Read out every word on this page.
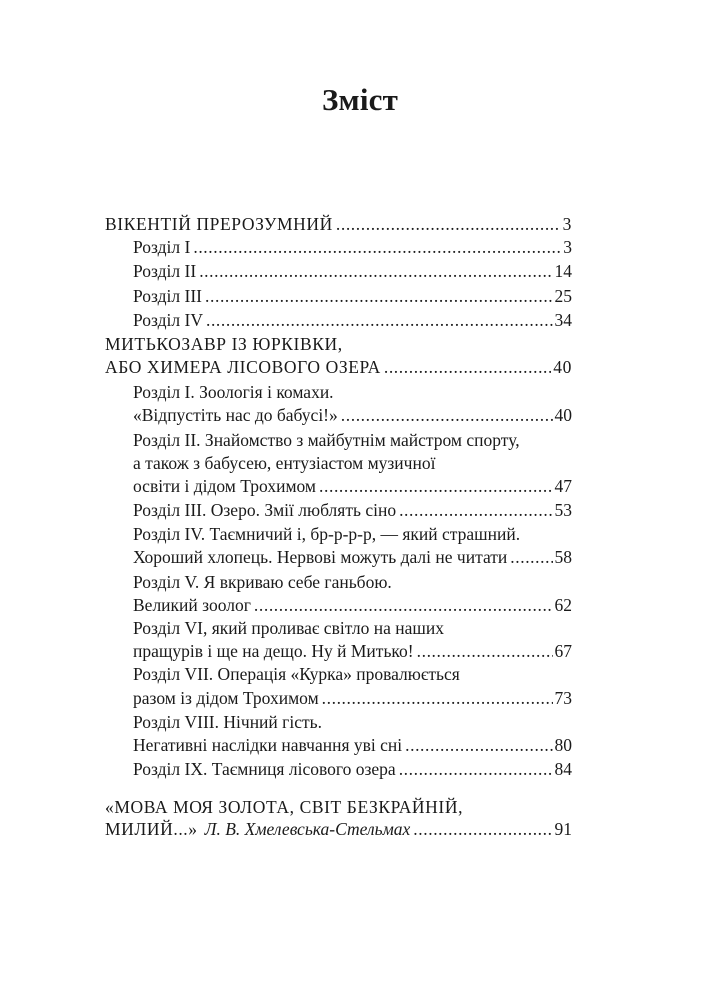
Зміст
ВІКЕНТІЙ ПРЕРОЗУМНИЙ .....	3
Розділ І .....	3
Розділ ІІ .....	14
Розділ ІІІ .....	25
Розділ IV .....	34
МИТЬКОЗАВР ІЗ ЮРКІВКИ,
АБО ХИМЕРА ЛІСОВОГО ОЗЕРА .....	40
Розділ І. Зоологія і комахи.
«Відпустіть нас до бабусі!» .....	40
Розділ ІІ. Знайомство з майбутнім майстром спорту,
а також з бабусею, ентузіастом музичної
освіти і дідом Трохимом .....	47
Розділ ІІІ. Озеро. Змії люблять сіно .....	53
Розділ IV. Таємничий і, бр-р-р-р, — який страшний.
Хороший хлопець. Нервові можуть далі не читати .....	58
Розділ V. Я вкриваю себе ганьбою.
Великий зоолог .....	62
Розділ VI, який проливає світло на наших
пращурів і ще на дещо. Ну й Митько! .....	67
Розділ VII. Операція «Курка» провалюється
разом із дідом Трохимом .....	73
Розділ VIII. Нічний гість.
Негативні наслідки навчання уві сні .....	80
Розділ IX. Таємниця лісового озера .....	84
«МОВА МОЯ ЗОЛОТА, СВІТ БЕЗКРАЙНІЙ,
МИЛИЙ...» Л. В. Хмелевська-Стельмах .....	91
